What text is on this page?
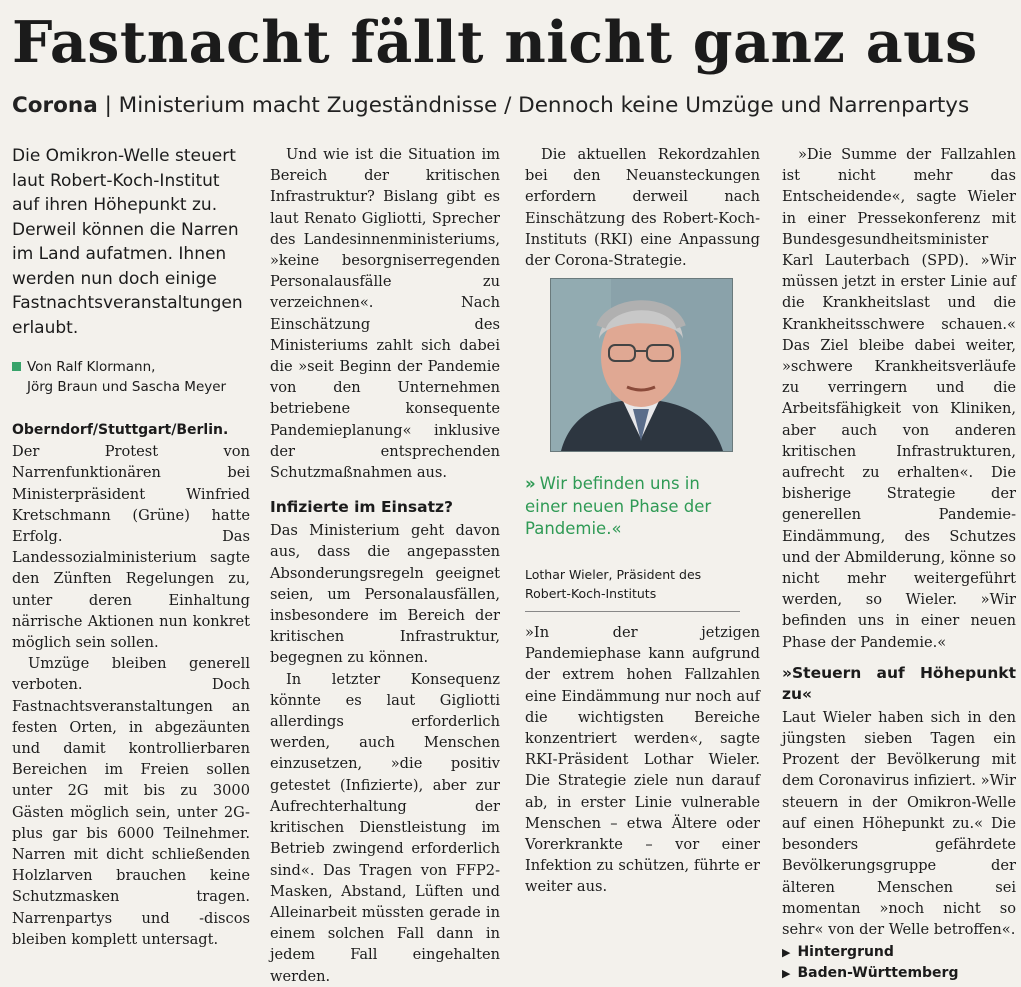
Fastnacht fällt nicht ganz aus
Corona | Ministerium macht Zugeständnisse / Dennoch keine Umzüge und Narrenpartys

Die Omikron-Welle steuert laut Robert-Koch-Institut auf ihren Höhepunkt zu. Derweil können die Narren im Land aufatmen. Ihnen werden nun doch einige Fastnachtsveranstaltungen erlaubt.

Von Ralf Klormann,
Jörg Braun und Sascha Meyer

Oberndorf/Stuttgart/Berlin. Der Protest von Narrenfunktionären bei Ministerpräsident Winfried Kretschmann (Grüne) hatte Erfolg. Das Landessozialministerium sagte den Zünften Regelungen zu, unter deren Einhaltung närrische Aktionen nun konkret möglich sein sollen.

Umzüge bleiben generell verboten. Doch Fastnachtsveranstaltungen an festen Orten, in abgezäunten und damit kontrollierbaren Bereichen im Freien sollen unter 2G mit bis zu 3000 Gästen möglich sein, unter 2G-plus gar bis 6000 Teilnehmer. Narren mit dicht schließenden Holzlarven brauchen keine Schutzmasken tragen. Narrenpartys und -discos bleiben komplett untersagt.

Und wie ist die Situation im Bereich der kritischen Infrastruktur? Bislang gibt es laut Renato Gigliotti, Sprecher des Landesinnenministeriums, »keine besorgniserregenden Personalausfälle zu verzeichnen«. Nach Einschätzung des Ministeriums zahlt sich dabei die »seit Beginn der Pandemie von den Unternehmen betriebene konsequente Pandemieplanung« inklusive der entsprechenden Schutzmaßnahmen aus.

Infizierte im Einsatz?

Das Ministerium geht davon aus, dass die angepassten Absonderungsregeln geeignet seien, um Personalausfällen, insbesondere im Bereich der kritischen Infrastruktur, begegnen zu können.

In letzter Konsequenz könnte es laut Gigliotti allerdings erforderlich werden, auch Menschen einzusetzen, »die positiv getestet (Infizierte), aber zur Aufrechterhaltung der kritischen Dienstleistung im Betrieb zwingend erforderlich sind«. Das Tragen von FFP2-Masken, Abstand, Lüften und Alleinarbeit müssten gerade in einem solchen Fall dann in jedem Fall eingehalten werden.

Die aktuellen Rekordzahlen bei den Neuansteckungen erfordern derweil nach Einschätzung des Robert-Koch-Instituts (RKI) eine Anpassung der Corona-Strategie.

» Wir befinden uns in einer neuen Phase der Pandemie.«
Lothar Wieler, Präsident des Robert-Koch-Instituts

»In der jetzigen Pandemiephase kann aufgrund der extrem hohen Fallzahlen eine Eindämmung nur noch auf die wichtigsten Bereiche konzentriert werden«, sagte RKI-Präsident Lothar Wieler. Die Strategie ziele nun darauf ab, in erster Linie vulnerable Menschen – etwa Ältere oder Vorerkrankte – vor einer Infektion zu schützen, führte er weiter aus.

»Die Summe der Fallzahlen ist nicht mehr das Entscheidende«, sagte Wieler in einer Pressekonferenz mit Bundesgesundheitsminister Karl Lauterbach (SPD). »Wir müssen jetzt in erster Linie auf die Krankheitslast und die Krankheitsschwere schauen.« Das Ziel bleibe dabei weiter, »schwere Krankheitsverläufe zu verringern und die Arbeitsfähigkeit von Kliniken, aber auch von anderen kritischen Infrastrukturen, aufrecht zu erhalten«. Die bisherige Strategie der generellen Pandemie-Eindämmung, des Schutzes und der Abmilderung, könne so nicht mehr weitergeführt werden, so Wieler. »Wir befinden uns in einer neuen Phase der Pandemie.«

»Steuern auf Höhepunkt zu«

Laut Wieler haben sich in den jüngsten sieben Tagen ein Prozent der Bevölkerung mit dem Coronavirus infiziert. »Wir steuern in der Omikron-Welle auf einen Höhepunkt zu.« Die besonders gefährdete Bevölkerungsgruppe der älteren Menschen sei momentan »noch nicht so sehr« von der Welle betroffen«.

▶ Hintergrund
▶ Baden-Württemberg
